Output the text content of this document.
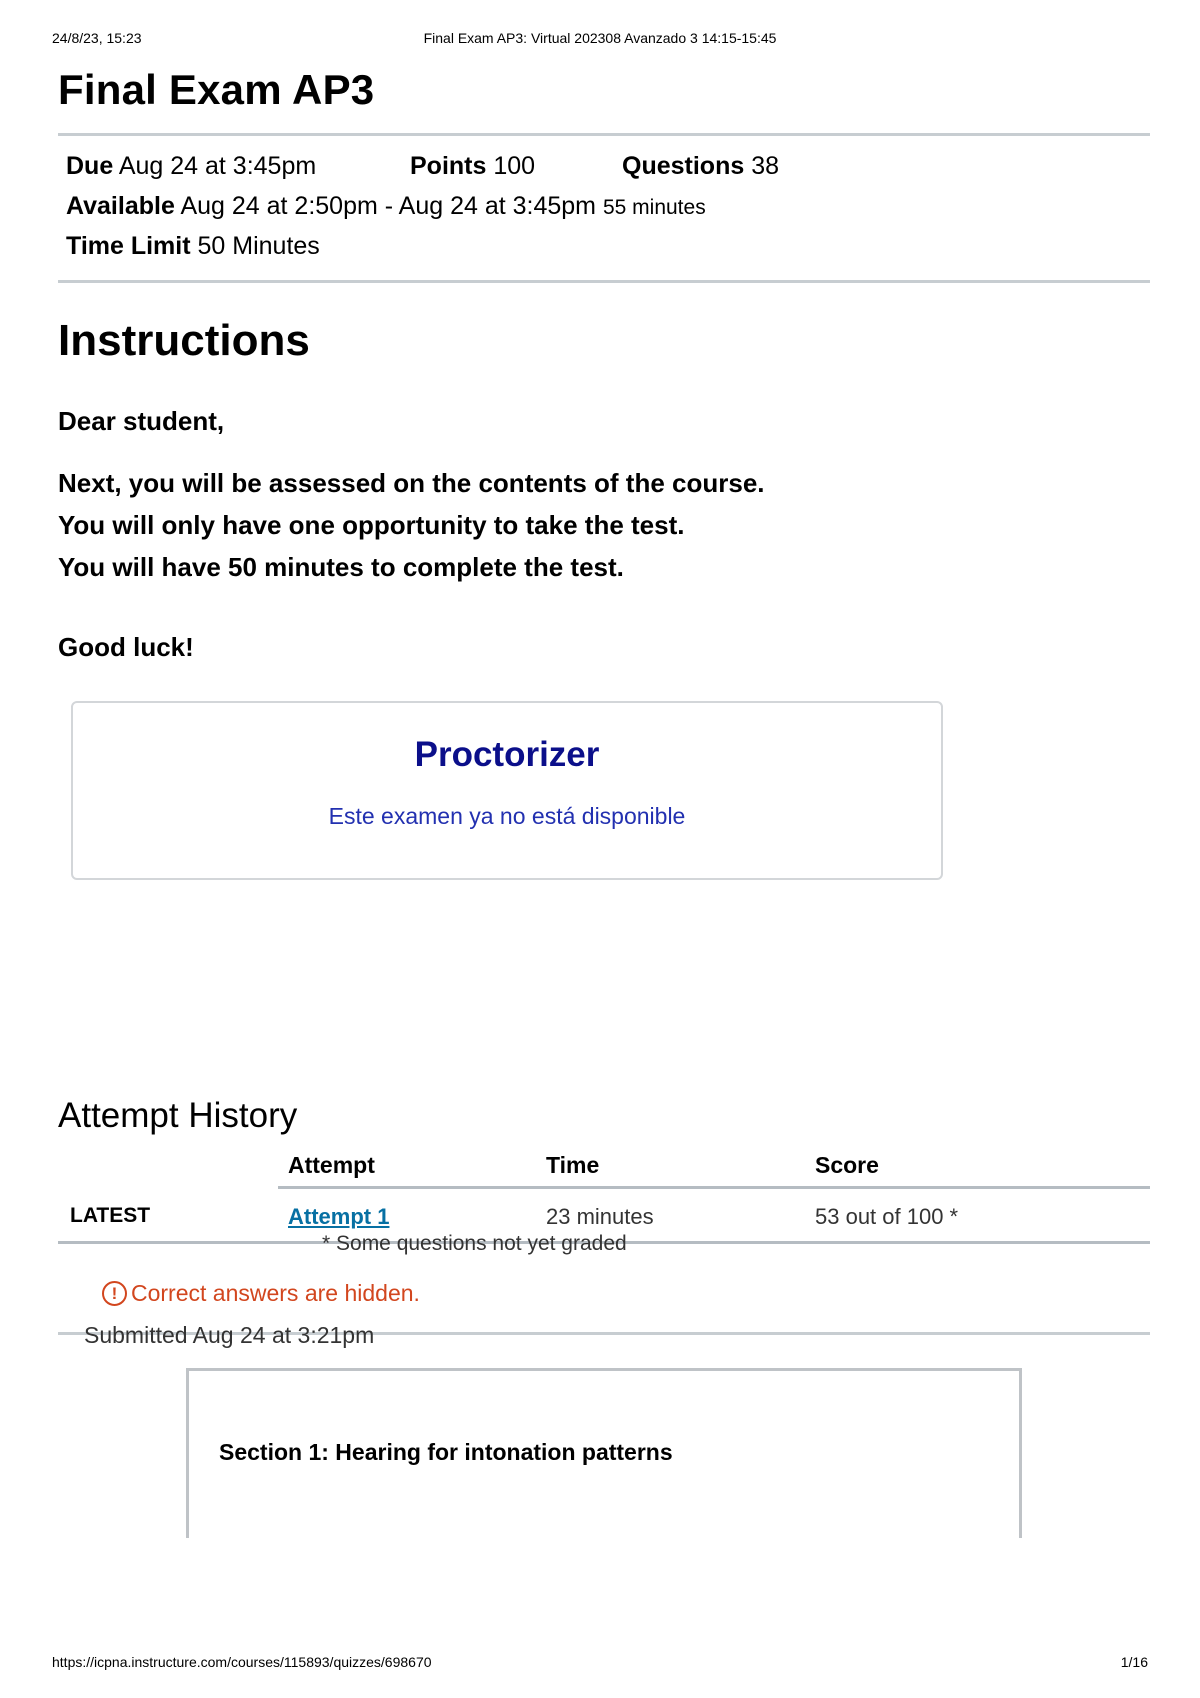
24/8/23, 15:23	Final Exam AP3: Virtual 202308 Avanzado 3 14:15-15:45
Final Exam AP3
Due Aug 24 at 3:45pm	Points 100	Questions 38
Available Aug 24 at 2:50pm - Aug 24 at 3:45pm 55 minutes
Time Limit 50 Minutes
Instructions

Dear student,

Next, you will be assessed on the contents of the course.

You will only have one opportunity to take the test.

You will have 50 minutes to complete the test.

Good luck!

Proctorizer
Este examen ya no está disponible
Attempt History
Attempt	Time	Score
LATEST	Attempt 1	23 minutes	53 out of 100 *

* Some questions not yet graded

! Correct answers are hidden.

Submitted Aug 24 at 3:21pm

Section 1: Hearing for intonation patterns
https://icpna.instructure.com/courses/115893/quizzes/698670	1/16
